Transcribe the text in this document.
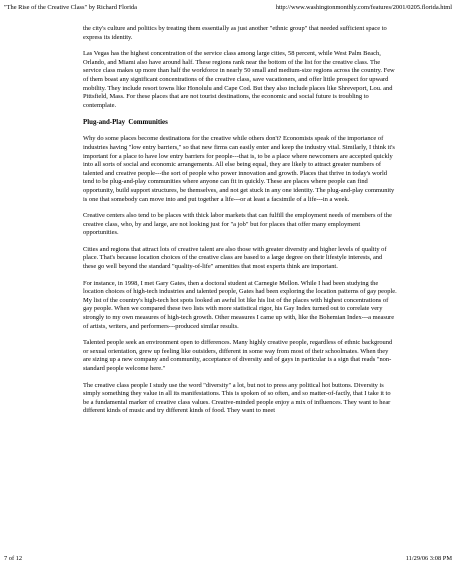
"The Rise of the Creative Class" by Richard Florida	http://www.washingtonmonthly.com/features/2001/0205.florida.html

the city's culture and politics by treating them essentially as just another "ethnic group" that needed sufficient space to express its identity.

Las Vegas has the highest concentration of the service class among large cities, 58 percent, while West Palm Beach, Orlando, and Miami also have around half. These regions rank near the bottom of the list for the creative class. The service class makes up more than half the workforce in nearly 50 small and medium-size regions across the country. Few of them boast any significant concentrations of the creative class, save vacationers, and offer little prospect for upward mobility. They include resort towns like Honolulu and Cape Cod. But they also include places like Shreveport, Lou. and Pittsfield, Mass. For these places that are not tourist destinations, the economic and social future is troubling to contemplate.

Plug-and-Play Communities

Why do some places become destinations for the creative while others don't? Economists speak of the importance of industries having "low entry barriers," so that new firms can easily enter and keep the industry vital. Similarly, I think it's important for a place to have low entry barriers for people---that is, to be a place where newcomers are accepted quickly into all sorts of social and economic arrangements. All else being equal, they are likely to attract greater numbers of talented and creative people---the sort of people who power innovation and growth. Places that thrive in today's world tend to be plug-and-play communities where anyone can fit in quickly. These are places where people can find opportunity, build support structures, be themselves, and not get stuck in any one identity. The plug-and-play community is one that somebody can move into and put together a life---or at least a facsimile of a life---in a week.

Creative centers also tend to be places with thick labor markets that can fulfill the employment needs of members of the creative class, who, by and large, are not looking just for "a job" but for places that offer many employment opportunities.

Cities and regions that attract lots of creative talent are also those with greater diversity and higher levels of quality of place. That's because location choices of the creative class are based to a large degree on their lifestyle interests, and these go well beyond the standard "quality-of-life" amenities that most experts think are important.

For instance, in 1998, I met Gary Gates, then a doctoral student at Carnegie Mellon. While I had been studying the location choices of high-tech industries and talented people, Gates had been exploring the location patterns of gay people. My list of the country's high-tech hot spots looked an awful lot like his list of the places with highest concentrations of gay people. When we compared these two lists with more statistical rigor, his Gay Index turned out to correlate very strongly to my own measures of high-tech growth. Other measures I came up with, like the Bohemian Index---a measure of artists, writers, and performers---produced similar results.

Talented people seek an environment open to differences. Many highly creative people, regardless of ethnic background or sexual orientation, grew up feeling like outsiders, different in some way from most of their schoolmates. When they are sizing up a new company and community, acceptance of diversity and of gays in particular is a sign that reads "non-standard people welcome here."

The creative class people I study use the word "diversity" a lot, but not to press any political hot buttons. Diversity is simply something they value in all its manifestations. This is spoken of so often, and so matter-of-factly, that I take it to be a fundamental marker of creative class values. Creative-minded people enjoy a mix of influences. They want to hear different kinds of music and try different kinds of food. They want to meet

7 of 12	11/29/06 3:08 PM
